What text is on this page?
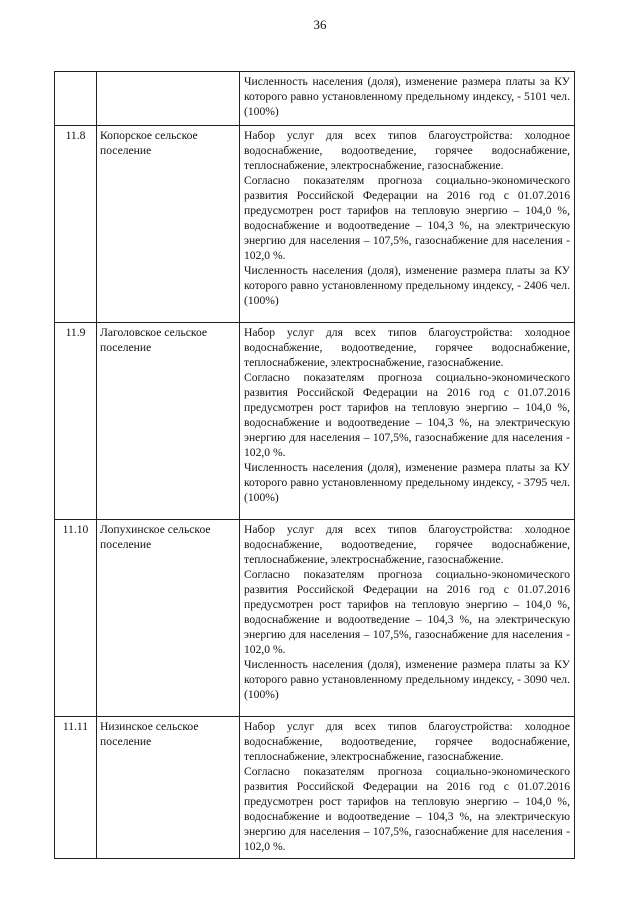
36

		Численность населения (доля), изменение размера платы за КУ которого равно установленному предельному индексу, - 5101 чел. (100%)

11.8	Копорское сельское поселение	Набор услуг для всех типов благоустройства: холодное водоснабжение, водоотведение, горячее водоснабжение, теплоснабжение, электроснабжение, газоснабжение.

Согласно показателям прогноза социально-экономического развития Российской Федерации на 2016 год с 01.07.2016 предусмотрен рост тарифов на тепловую энергию – 104,0 %, водоснабжение и водоотведение – 104,3 %, на электрическую энергию для населения – 107,5%, газоснабжение для населения - 102,0 %.

Численность населения (доля), изменение размера платы за КУ которого равно установленному предельному индексу, - 2406 чел. (100%)

11.9	Лаголовское сельское поселение	Набор услуг для всех типов благоустройства: холодное водоснабжение, водоотведение, горячее водоснабжение, теплоснабжение, электроснабжение, газоснабжение.

Согласно показателям прогноза социально-экономического развития Российской Федерации на 2016 год с 01.07.2016 предусмотрен рост тарифов на тепловую энергию – 104,0 %, водоснабжение и водоотведение – 104,3 %, на электрическую энергию для населения – 107,5%, газоснабжение для населения - 102,0 %.

Численность населения (доля), изменение размера платы за КУ которого равно установленному предельному индексу, - 3795 чел. (100%)

11.10	Лопухинское сельское поселение	Набор услуг для всех типов благоустройства: холодное водоснабжение, водоотведение, горячее водоснабжение, теплоснабжение, электроснабжение, газоснабжение.

Согласно показателям прогноза социально-экономического развития Российской Федерации на 2016 год с 01.07.2016 предусмотрен рост тарифов на тепловую энергию – 104,0 %, водоснабжение и водоотведение – 104,3 %, на электрическую энергию для населения – 107,5%, газоснабжение для населения - 102,0 %.

Численность населения (доля), изменение размера платы за КУ которого равно установленному предельному индексу, - 3090 чел. (100%)

11.11	Низинское сельское поселение	Набор услуг для всех типов благоустройства: холодное водоснабжение, водоотведение, горячее водоснабжение, теплоснабжение, электроснабжение, газоснабжение.

Согласно показателям прогноза социально-экономического развития Российской Федерации на 2016 год с 01.07.2016 предусмотрен рост тарифов на тепловую энергию – 104,0 %, водоснабжение и водоотведение – 104,3 %, на электрическую энергию для населения – 107,5%, газоснабжение для населения - 102,0 %.
